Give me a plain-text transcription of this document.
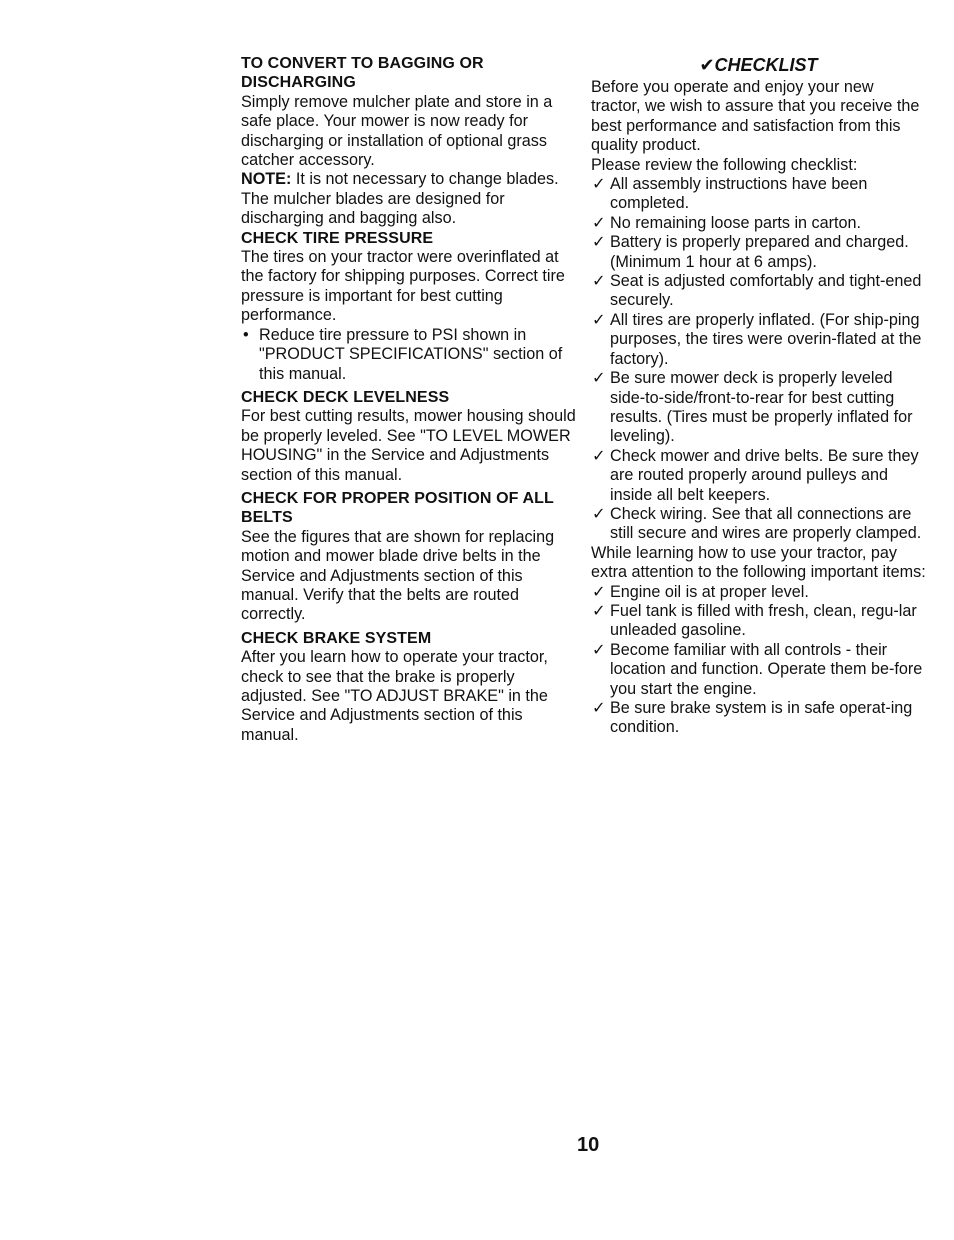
TO CONVERT TO BAGGING OR DISCHARGING

Simply remove mulcher plate and store in a safe place. Your mower is now ready for discharging or installation of optional grass catcher accessory.

NOTE: It is not necessary to change blades. The mulcher blades are designed for discharging and bagging also.

CHECK TIRE PRESSURE

The tires on your tractor were overinflated at the factory for shipping purposes. Correct tire pressure is important for best cutting performance.

• Reduce tire pressure to PSI shown in "PRODUCT SPECIFICATIONS" section of this manual.
CHECK DECK LEVELNESS

For best cutting results, mower housing should be properly leveled. See "TO LEVEL MOWER HOUSING" in the Service and Adjustments section of this manual.

CHECK FOR PROPER POSITION OF ALL BELTS

See the figures that are shown for replacing motion and mower blade drive belts in the Service and Adjustments section of this manual. Verify that the belts are routed correctly.

CHECK BRAKE SYSTEM

After you learn how to operate your tractor, check to see that the brake is properly adjusted. See "TO ADJUST BRAKE" in the Service and Adjustments section of this manual.

✔CHECKLIST

Before you operate and enjoy your new tractor, we wish to assure that you receive the best performance and satisfaction from this quality product.

Please review the following checklist:

✓ All assembly instructions have been completed.
✓ No remaining loose parts in carton.
✓ Battery is properly prepared and charged.(Minimum 1 hour at 6 amps).
✓ Seat is adjusted comfortably and tight-ened securely.
✓ All tires are properly inflated. (For ship-ping purposes, the tires were overin-flated at the factory).
✓ Be sure mower deck is properly leveled side-to-side/front-to-rear for best cutting results. (Tires must be properly inflated for leveling).
✓ Check mower and drive belts. Be sure they are routed properly around pulleys and inside all belt keepers.
✓ Check wiring. See that all connections are still secure and wires are properly clamped.

While learning how to use your tractor, pay extra attention to the following important items:

✓ Engine oil is at proper level.
✓ Fuel tank is filled with fresh, clean, regu-lar unleaded gasoline.
✓ Become familiar with all controls - their location and function. Operate them be-fore you start the engine.
✓ Be sure brake system is in safe operat-ing condition.
10
